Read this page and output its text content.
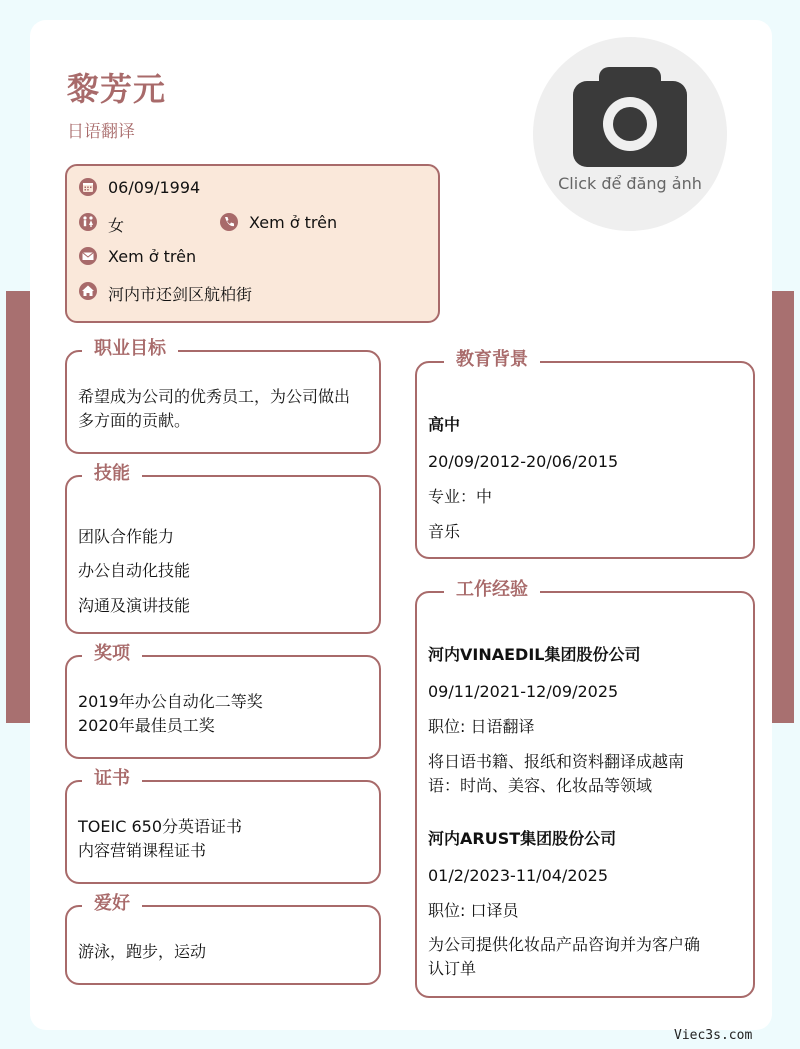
黎芳元
日语翻译
Click để đăng ảnh
06/09/1994
女	Xem ở trên
Xem ở trên
河内市还剑区航柏街
职业目标
希望成为公司的优秀员工，为公司做出
多方面的贡献。
技能
团队合作能力
办公自动化技能
沟通及演讲技能
奖项
2019年办公自动化二等奖
2020年最佳员工奖
证书
TOEIC 650分英语证书
内容营销课程证书
爱好
游泳，跑步，运动
教育背景
高中
20/09/2012-20/06/2015
专业：中
音乐
工作经验
河内VINAEDIL集团股份公司
09/11/2021-12/09/2025
职位: 日语翻译
将日语书籍、报纸和资料翻译成越南
语：时尚、美容、化妆品等领域
河内ARUST集团股份公司
01/2/2023-11/04/2025
职位: 口译员
为公司提供化妆品产品咨询并为客户确
认订单
Viec3s.com
